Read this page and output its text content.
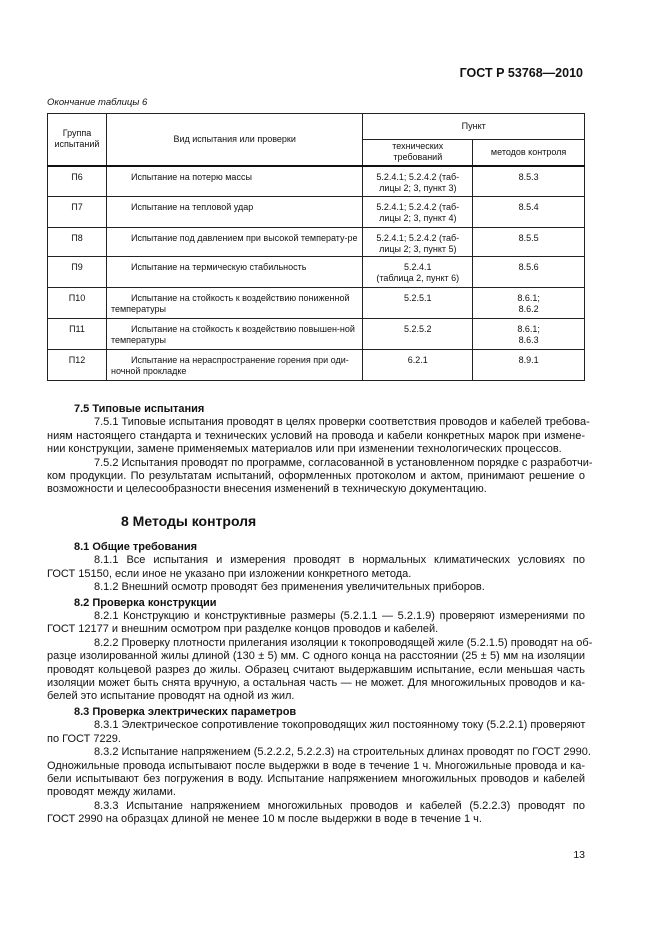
ГОСТ Р 53768—2010
Окончание таблицы 6
Группа испытаний	Вид испытания или проверки	Пункт	
		технических требований	методов контроля
П6	Испытание на потерю массы	5.2.4.1; 5.2.4.2 (таб-
лицы 2; 3, пункт 3)	8.5.3

П7	Испытание на тепловой удар	5.2.4.1; 5.2.4.2 (таб-
лицы 2; 3, пункт 4)	8.5.4

П8	Испытание под давлением при высокой температу-ре	5.2.4.1; 5.2.4.2 (таб-
лицы 2; 3, пункт 5)	8.5.5

П9	Испытание на термическую стабильность	5.2.4.1
(таблица 2, пункт 6)	8.5.6

П10	Испытание на стойкость к воздействию пониженной температуры	5.2.5.1	8.6.1;
8.6.2

П11	Испытание на стойкость к воздействию повышен-ной температуры	5.2.5.2	8.6.1;
8.6.3

П12	Испытание на нераспространение горения при оди-ночной прокладке	6.2.1	8.9.1
7.5 Типовые испытания
7.5.1 Типовые испытания проводят в целях проверки соответствия проводов и кабелей требова-
ниям настоящего стандарта и технических условий на провода и кабели конкретных марок при измене-
нии конструкции, замене применяемых материалов или при изменении технологических процессов.
7.5.2 Испытания проводят по программе, согласованной в установленном порядке с разработчи-
ком продукции. По результатам испытаний, оформленных протоколом и актом, принимают решение о
возможности и целесообразности внесения изменений в техническую документацию.
8 Методы контроля
8.1 Общие требования
8.1.1 Все испытания и измерения проводят в нормальных климатических условиях по
ГОСТ 15150, если иное не указано при изложении конкретного метода.
8.1.2 Внешний осмотр проводят без применения увеличительных приборов.
8.2 Проверка конструкции
8.2.1 Конструкцию и конструктивные размеры (5.2.1.1 — 5.2.1.9) проверяют измерениями по
ГОСТ 12177 и внешним осмотром при разделке концов проводов и кабелей.
8.2.2 Проверку плотности прилегания изоляции к токопроводящей жиле (5.2.1.5) проводят на об-
разце изолированной жилы длиной (130 ± 5) мм. С одного конца на расстоянии (25 ± 5) мм на изоляции
проводят кольцевой разрез до жилы. Образец считают выдержавшим испытание, если меньшая часть
изоляции может быть снята вручную, а остальная часть — не может. Для многожильных проводов и ка-
белей это испытание проводят на одной из жил.
8.3 Проверка электрических параметров
8.3.1 Электрическое сопротивление токопроводящих жил постоянному току (5.2.2.1) проверяют
по ГОСТ 7229.
8.3.2 Испытание напряжением (5.2.2.2, 5.2.2.3) на строительных длинах проводят по ГОСТ 2990.
Одножильные провода испытывают после выдержки в воде в течение 1 ч. Многожильные провода и ка-
бели испытывают без погружения в воду. Испытание напряжением многожильных проводов и кабелей
проводят между жилами.
8.3.3 Испытание напряжением многожильных проводов и кабелей (5.2.2.3) проводят по
ГОСТ 2990 на образцах длиной не менее 10 м после выдержки в воде в течение 1 ч.
13
